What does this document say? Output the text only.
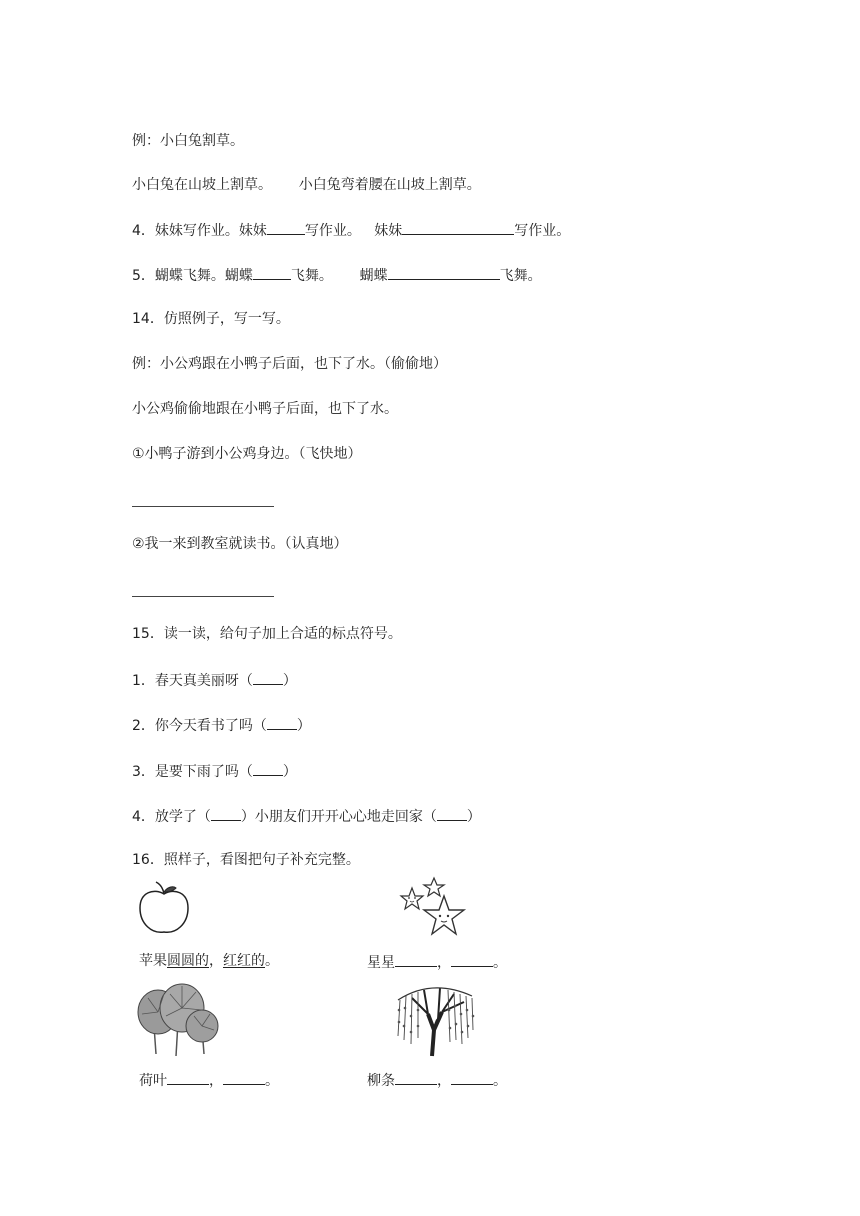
例：小白兔割草。
小白兔在山坡上割草。 小白兔弯着腰在山坡上割草。
4．妹妹写作业。妹妹	写作业。 妹妹	写作业。
5．蝴蝶飞舞。蝴蝶	飞舞。 蝴蝶	飞舞。
14．仿照例子，写一写。
例：小公鸡跟在小鸭子后面，也下了水。（偷偷地）
小公鸡偷偷地跟在小鸭子后面，也下了水。
①小鸭子游到小公鸡身边。（飞快地）
②我一来到教室就读书。（认真地）
15．读一读，给句子加上合适的标点符号。
1．春天真美丽呀（ ）
2．你今天看书了吗（ ）
3．是要下雨了吗（ ）
4．放学了（ ）小朋友们开开心心地走回家（ ）
16．照样子，看图把句子补充完整。
苹果圆圆的，红红的。	星星	，	。
荷叶	，	。	柳条	，	。
